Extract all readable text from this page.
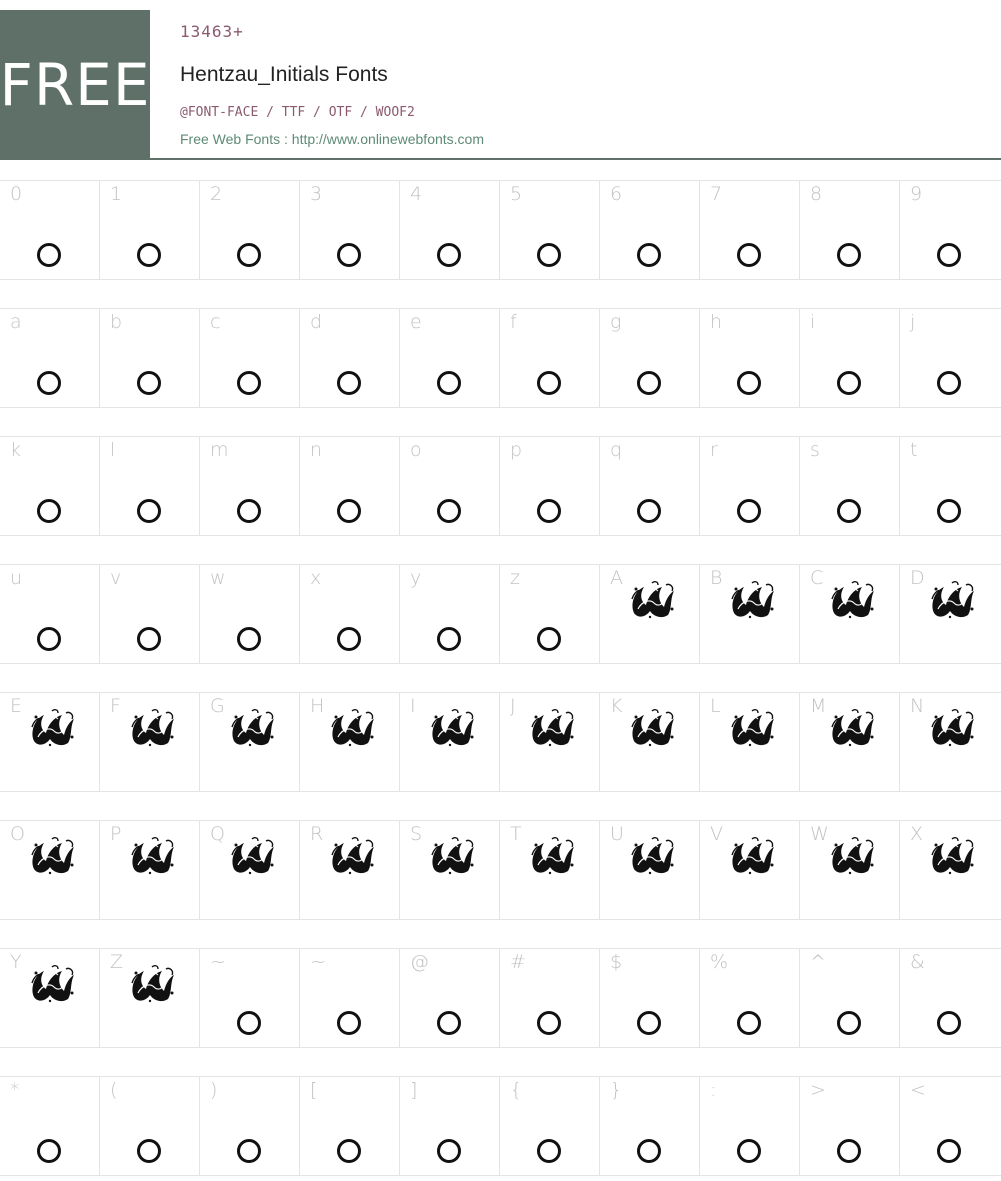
FREE
13463+
Hentzau_Initials Fonts
@FONT-FACE / TTF / OTF / WOOF2
Free Web Fonts : http://www.onlinewebfonts.com
0	1	2	3	4	5	6	7	8	9
a	b	c	d	e	f	g	h	i	j
k	l	m	n	o	p	q	r	s	t
u	v	w	x	y	z	A	B	C	D
E	F	G	H	I	J	K	L	M	N
O	P	Q	R	S	T	U	V	W	X
Y	Z	~	~	@	#	$	%	^	&
*	(	)	[	]	{	}	:	>	<
